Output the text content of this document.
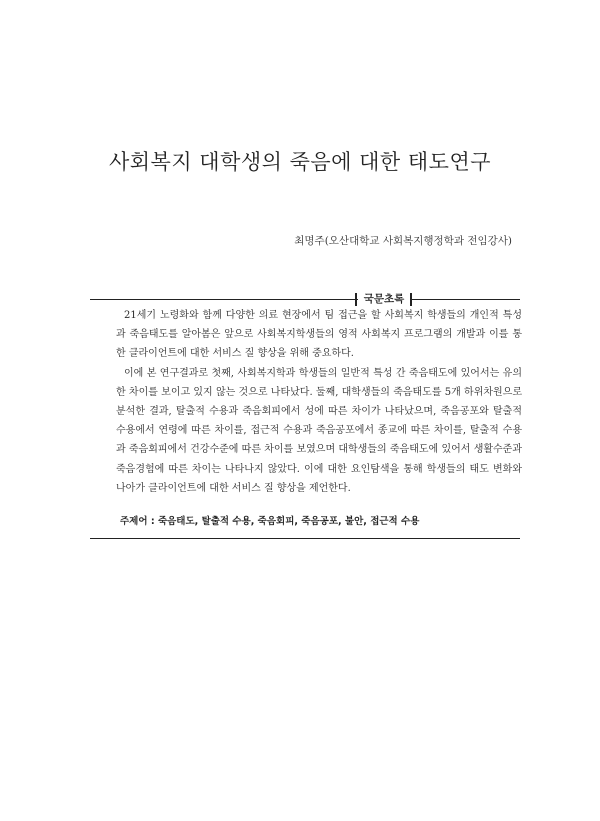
사회복지 대학생의 죽음에 대한 태도연구
최명주(오산대학교 사회복지행정학과 전임강사)
국문초록

21세기 노령화와 함께 다양한 의료 현장에서 팀 접근을 할 사회복지 학생들의 개인적 특성과 죽음태도를 알아봄은 앞으로 사회복지학생들의 영적 사회복지 프로그램의 개발과 이를 통한 클라이언트에 대한 서비스 질 향상을 위해 중요하다.

이에 본 연구결과로 첫째, 사회복지학과 학생들의 일반적 특성 간 죽음태도에 있어서는 유의한 차이를 보이고 있지 않는 것으로 나타났다. 둘째, 대학생들의 죽음태도를 5개 하위차원으로 분석한 결과, 탈출적 수용과 죽음회피에서 성에 따른 차이가 나타났으며, 죽음공포와 탈출적 수용에서 연령에 따른 차이를, 접근적 수용과 죽음공포에서 종교에 따른 차이를, 탈출적 수용과 죽음회피에서 건강수준에 따른 차이를 보였으며 대학생들의 죽음태도에 있어서 생활수준과 죽음경험에 따른 차이는 나타나지 않았다. 이에 대한 요인탐색을 통해 학생들의 태도 변화와 나아가 클라이언트에 대한 서비스 질 향상을 제언한다.

주제어 : 죽음태도, 탈출적 수용, 죽음회피, 죽음공포, 불안, 접근적 수용
